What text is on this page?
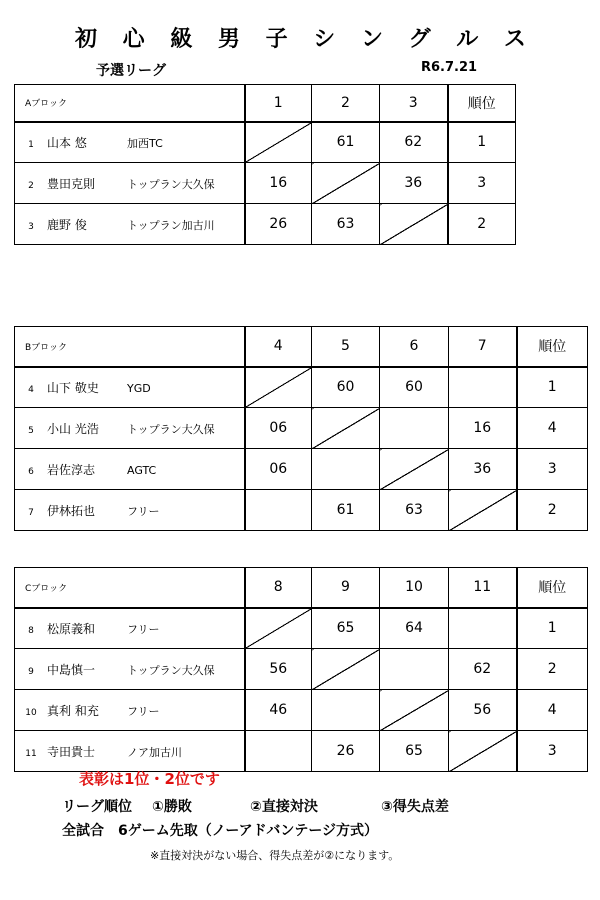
初 心 級 男 子 シ ン グ ル ス
予選リーグ	R6.7.21
Aブロック	1	2	3	順位
1 山本 悠 加西TC		61	62	1
2 豊田克則 トップラン大久保	16		36	3
3 鹿野 俊 トップラン加古川	26	63		2
Bブロック	4	5	6	7	順位
4 山下 敬史 YGD		60	60		1
5 小山 光浩 トップラン大久保	06			16	4
6 岩佐淳志 AGTC	06			36	3
7 伊林拓也 フリー		61	63		2
Cブロック	8	9	10	11	順位
8 松原義和 フリー		65	64		1
9 中島慎一 トップラン大久保	56			62	2
10 真利 和充 フリー	46			56	4
11 寺田貴士 ノア加古川		26	65		3
表彰は1位・2位です
リーグ順位 ①勝敗	②直接対決	③得失点差
全試合　6ゲーム先取（ノーアドバンテージ方式）
※直接対決がない場合、得失点差が②になります。
